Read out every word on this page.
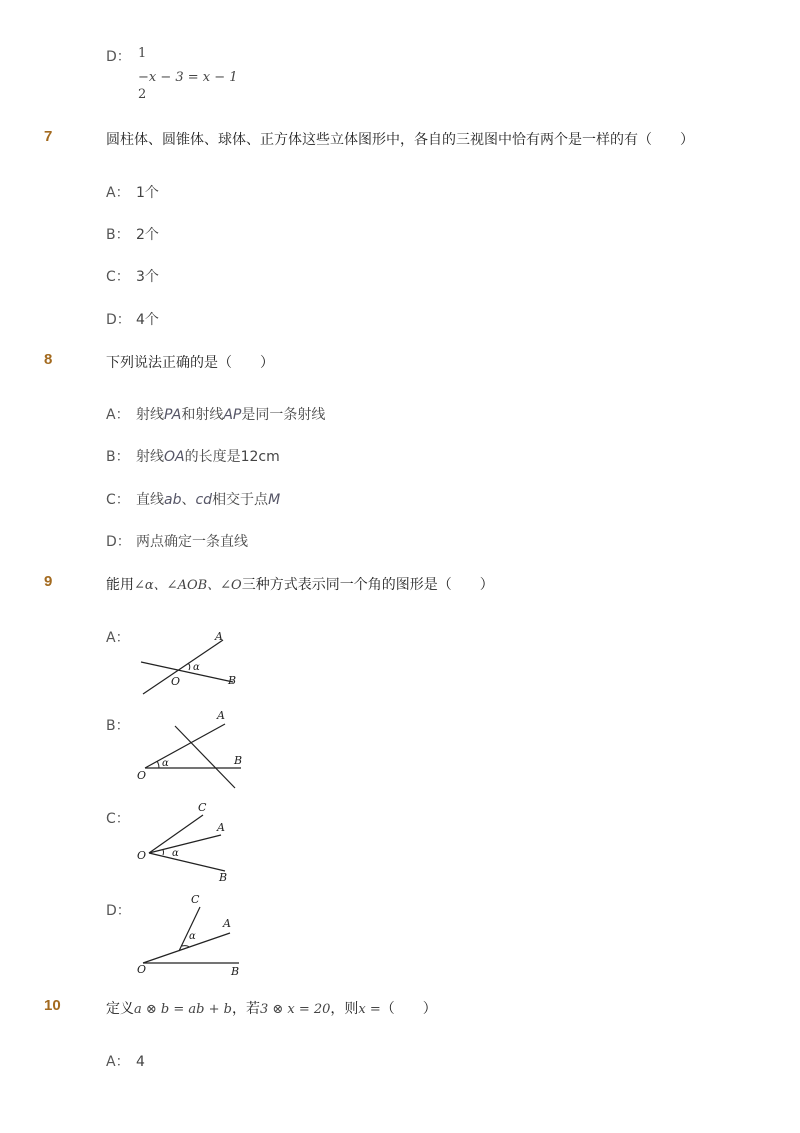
D： 1
−x − 3 = x − 1
2
7	圆柱体、圆锥体、球体、正方体这些立体图形中，各自的三视图中恰有两个是一样的有（　　）
A： 1个
B： 2个
C： 3个
D： 4个
8	下列说法正确的是（　　）
A： 射线PA和射线AP是同一条射线
B： 射线OA的长度是12cm
C： 直线ab、cd相交于点M
D： 两点确定一条直线
9	能用∠α、∠AOB、∠O三种方式表示同一个角的图形是（　　）
A：	A
B
O
α
B：
A
B
O
α
C：
C
A
B
O	α
D：
C
A
B
O
α
10	定义a ⊗ b = ab + b，若3 ⊗ x = 20，则x =（　　）
A： 4
